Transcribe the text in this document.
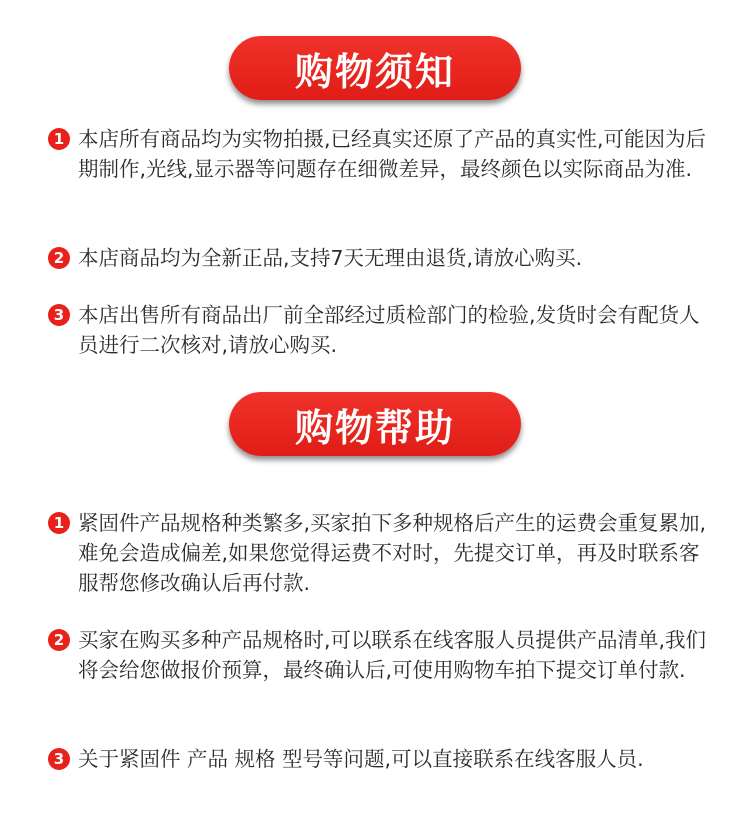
购物须知
1 本店所有商品均为实物拍摄,已经真实还原了产品的真实性,可能因为后期制作,光线,显示器等问题存在细微差异，最终颜色以实际商品为准.
2 本店商品均为全新正品,支持7天无理由退货,请放心购买.
3 本店出售所有商品出厂前全部经过质检部门的检验,发货时会有配货人员进行二次核对,请放心购买.
购物帮助
1 紧固件产品规格种类繁多,买家拍下多种规格后产生的运费会重复累加,难免会造成偏差,如果您觉得运费不对时，先提交订单，再及时联系客服帮您修改确认后再付款.
2 买家在购买多种产品规格时,可以联系在线客服人员提供产品清单,我们将会给您做报价预算，最终确认后,可使用购物车拍下提交订单付款.
3 关于紧固件 产品 规格 型号等问题,可以直接联系在线客服人员.
